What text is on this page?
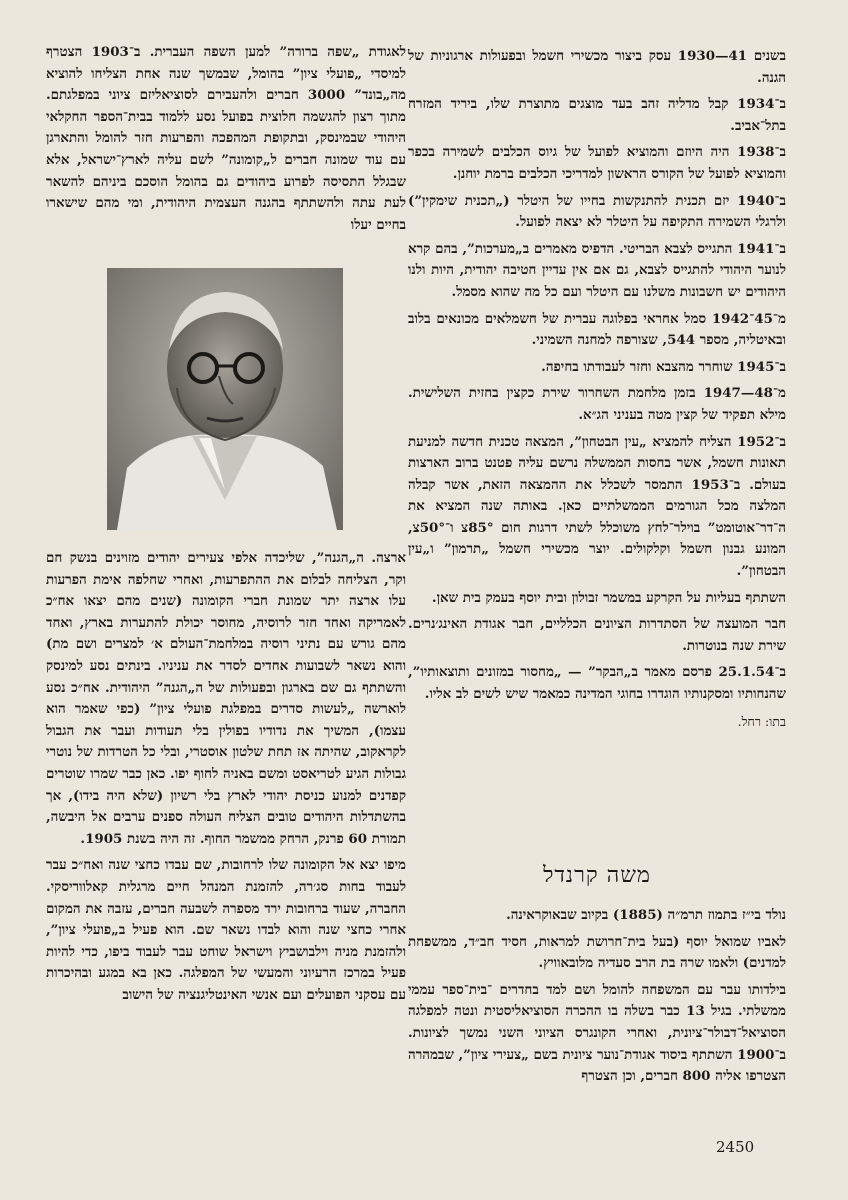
לאגודת „שפה ברורה” למען השפה העברית. ב־1903 הצטרף למיסדי „פועלי ציון” בהומל, שבמשך שנה אחת הצליחו להוציא מה„בונד” 3000 חברים ולהעבירם לסוציאליזם ציוני במפלגתם. מתוך רצון להגשמה חלוצית בפועל נסע ללמוד בבית־הספר החקלאי היהודי שבמינסק, ובתקופת המהפכה והפרעות חזר להומל והתארגן עם עוד שמונה חברים ל„קומונה” לשם עליה לארץ־ישראל, אלא שבגלל התסיסה לפרוע ביהודים גם בהומל הוסכם ביניהם להשאר לעת עתה ולהשתתף בהגנה העצמית היהודית, ומי מהם שישארו בחיים יעלו

ארצה. ה„הגנה”, שליכדה אלפי צעירים יהודים מזוינים בנשק חם וקר, הצליחה לבלום את ההתפרעות, ואחרי שחלפה אימת הפרעות עלו ארצה יתר שמונת חברי הקומונה (שנים מהם יצאו אח״כ לאמריקה ואחד חזר לרוסיה, מחוסר יכולת להתערות בארץ, ואחד מהם גורש עם נתיני רוסיה במלחמת־העולם א׳ למצרים ושם מת) והוא נשאר לשבועות אחדים לסדר את עניניו. בינתים נסע למינסק והשתתף גם שם בארגון ובפעולות של ה„הגנה” היהודית. אח״כ נסע לוארשה „לעשות סדרים במפלגת פועלי ציון” (כפי שאמר הוא עצמו), המשיך את נדודיו בפולין בלי תעודות ועבר את הגבול לקראקוב, שהיתה אז תחת שלטון אוסטרי, ובלי כל הטרדות של נוטרי גבולות הגיע לטריאסט ומשם באניה לחוף יפו. כאן כבר שמרו שוטרים קפדנים למנוע כניסת יהודי לארץ בלי רשיון (שלא היה בידו), אך בהשתדלות היהודים טובים הצליח העולה ספנים ערבים אל היבשה, תמורת 60 פרנק, הרחק ממשמר החוף. זה היה בשנת 1905.

מיפו יצא אל הקומונה שלו לרחובות, שם עבדו כחצי שנה ואח״כ עבר לעבוד בחות סג׳רה, להזמנת המנהל חיים מרגלית קאלווריסקי. החברה, שעוד ברחובות ירד מספרה לשבעה חברים, עזבה את המקום אחרי כחצי שנה והוא לבדו נשאר שם. הוא פעיל ב„פועלי ציון”, ולהזמנת מניה וילבושביץ וישראל שוחט עבר לעבוד ביפו, כדי להיות פעיל במרכז הרעיוני והמעשי של המפלגה. כאן בא במגע ובהיכרות עם עסקני הפועלים ועם אנשי האינטליגנציה של הישוב

בשנים 41—1930 עסק ביצור מכשירי חשמל ובפעולות ארגוניות של הגנה.

ב־1934 קבל מדליה זהב בעד מוצגים מתוצרת שלו, ביריד המזרח בתל־אביב.

ב־1938 היה היוזם והמוציא לפועל של גיוס הכלבים לשמירה בכפר והמוציא לפועל של הקורס הראשון למדריכי הכלבים ברמת יוחנן.

ב־1940 יזם תכנית להתנקשות בחייו של היטלר („תכנית שימקין”) ולרגלי השמירה התקיפה על היטלר לא יצאה לפועל.

ב־1941 התגייס לצבא הבריטי. הדפיס מאמרים ב„מערכות”, בהם קרא לנוער היהודי להתגייס לצבא, גם אם אין עדיין חטיבה יהודית, היות ולנו היהודים יש חשבונות משלנו עם היטלר ועם כל מה שהוא מסמל.

מ־45־1942 סמל אחראי בפלוגה עברית של חשמלאים מכונאים בלוב ובאיטליה, מספר 544, שצורפה למחנה השמיני.

ב־1945 שוחרר מהצבא וחזר לעבודתו בחיפה.

מ־48—1947 בזמן מלחמת השחרור שירת כקצין בחזית השלישית. מילא תפקיד של קצין מטה בעניני הג״א.

ב־1952 הצליח להמציא „עין הבטחון”, המצאה טכנית חדשה למניעת תאונות חשמל, אשר בחסות הממשלה נרשם עליה פטנט ברוב הארצות בעולם. ב־1953 התמסר לשכלל את ההמצאה הזאת, אשר קבלה המלצה מכל הגורמים הממשלתיים כאן. באותה שנה המציא את ה־דר־אוטומט” בוילר־לחץ משוכלל לשתי דרגות חום 85°צ ו־50°צ, המונע גבנון חשמל וקלקולים. יוצר מכשירי חשמל „תרמון” ו„עין הבטחון”.

השתתף בעליות על הקרקע במשמר זבולון ובית יוסף בעמק בית שאן.

חבר המועצה של הסתדרות הציונים הכלליים, חבר אגודת האינג׳נרים. שירת שנה בנוטרות.

ב־25.1.54 פרסם מאמר ב„הבקר” — „מחסור במזונים ותוצאותיו”, שהנחותיו ומסקנותיו הוגדרו בחוגי המדינה כמאמר שיש לשים לב אליו.

בתו: רחל.
משה קרנדל

נולד בי״ז בתמוז תרמ״ה (1885) בקיוב שבאוקראינה.

לאביו שמואל יוסף (בעל בית־חרושת למראות, חסיד חב״ד, ממשפחת למדנים) ולאמו שרה בת הרב סעדיה מלובאוויץ.

בילדותו עבר עם המשפחה להומל ושם למד בחדרים ־בית־ספר עממי ממשלתי. בגיל 13 כבר בשלה בו ההכרה הסוציאליסטית ונטה למפלגה הסוציאל־דבולר־ציונית, ואחרי הקונגרס הציוני השני נמשך לציונות. ב־1900 השתתף ביסוד אגודת־נוער ציונית בשם „צעירי ציון”, שבמהרה הצטרפו אליה 800 חברים, וכן הצטרף

2450
